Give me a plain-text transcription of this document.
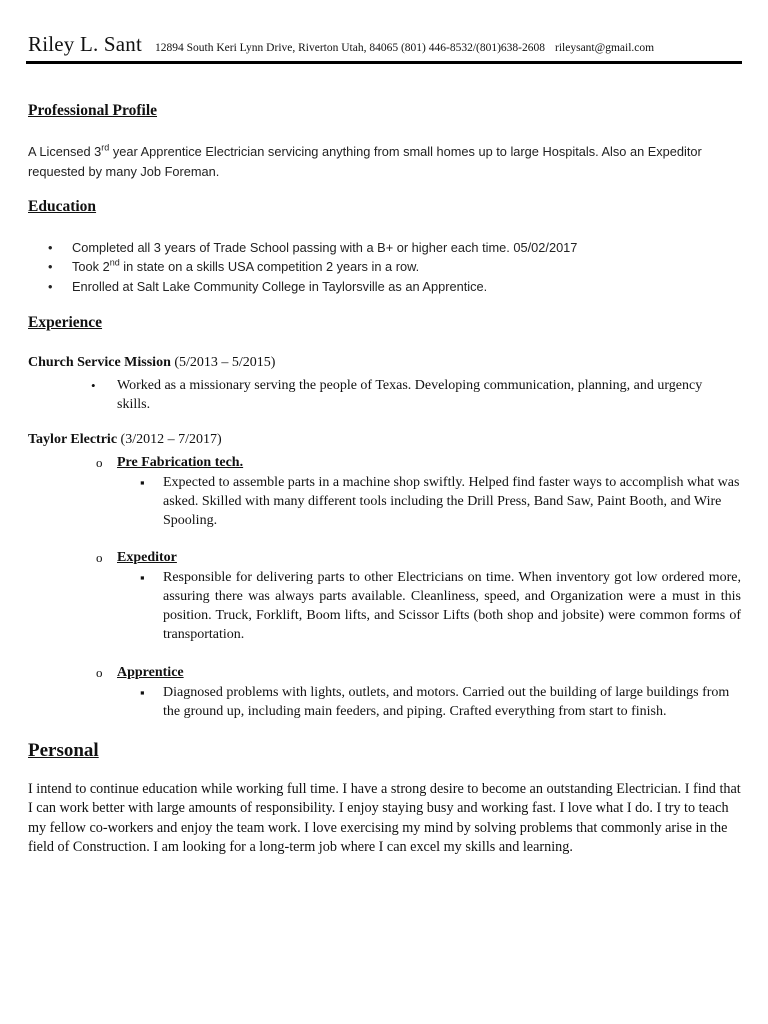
Riley L. Sant 12894 South Keri Lynn Drive, Riverton Utah, 84065 (801) 446-8532/(801)638-2608 rileysant@gmail.com
Professional Profile
A Licensed 3rd year Apprentice Electrician servicing anything from small homes up to large Hospitals. Also an Expeditor requested by many Job Foreman.
Education
• Completed all 3 years of Trade School passing with a B+ or higher each time. 05/02/2017
• Took 2nd in state on a skills USA competition 2 years in a row.
• Enrolled at Salt Lake Community College in Taylorsville as an Apprentice.
Experience
Church Service Mission (5/2013 – 5/2015)
• Worked as a missionary serving the people of Texas. Developing communication, planning, and urgency skills.
Taylor Electric (3/2012 – 7/2017)
o Pre Fabrication tech.
▪ Expected to assemble parts in a machine shop swiftly. Helped find faster ways to accomplish what was asked. Skilled with many different tools including the Drill Press, Band Saw, Paint Booth, and Wire Spooling.
o Expeditor
▪ Responsible for delivering parts to other Electricians on time. When inventory got low ordered more, assuring there was always parts available. Cleanliness, speed, and Organization were a must in this position. Truck, Forklift, Boom lifts, and Scissor Lifts (both shop and jobsite) were common forms of transportation.
o Apprentice
▪ Diagnosed problems with lights, outlets, and motors. Carried out the building of large buildings from the ground up, including main feeders, and piping. Crafted everything from start to finish.
Personal
I intend to continue education while working full time. I have a strong desire to become an outstanding Electrician. I find that I can work better with large amounts of responsibility. I enjoy staying busy and working fast. I love what I do. I try to teach my fellow co-workers and enjoy the team work. I love exercising my mind by solving problems that commonly arise in the field of Construction. I am looking for a long-term job where I can excel my skills and learning.
